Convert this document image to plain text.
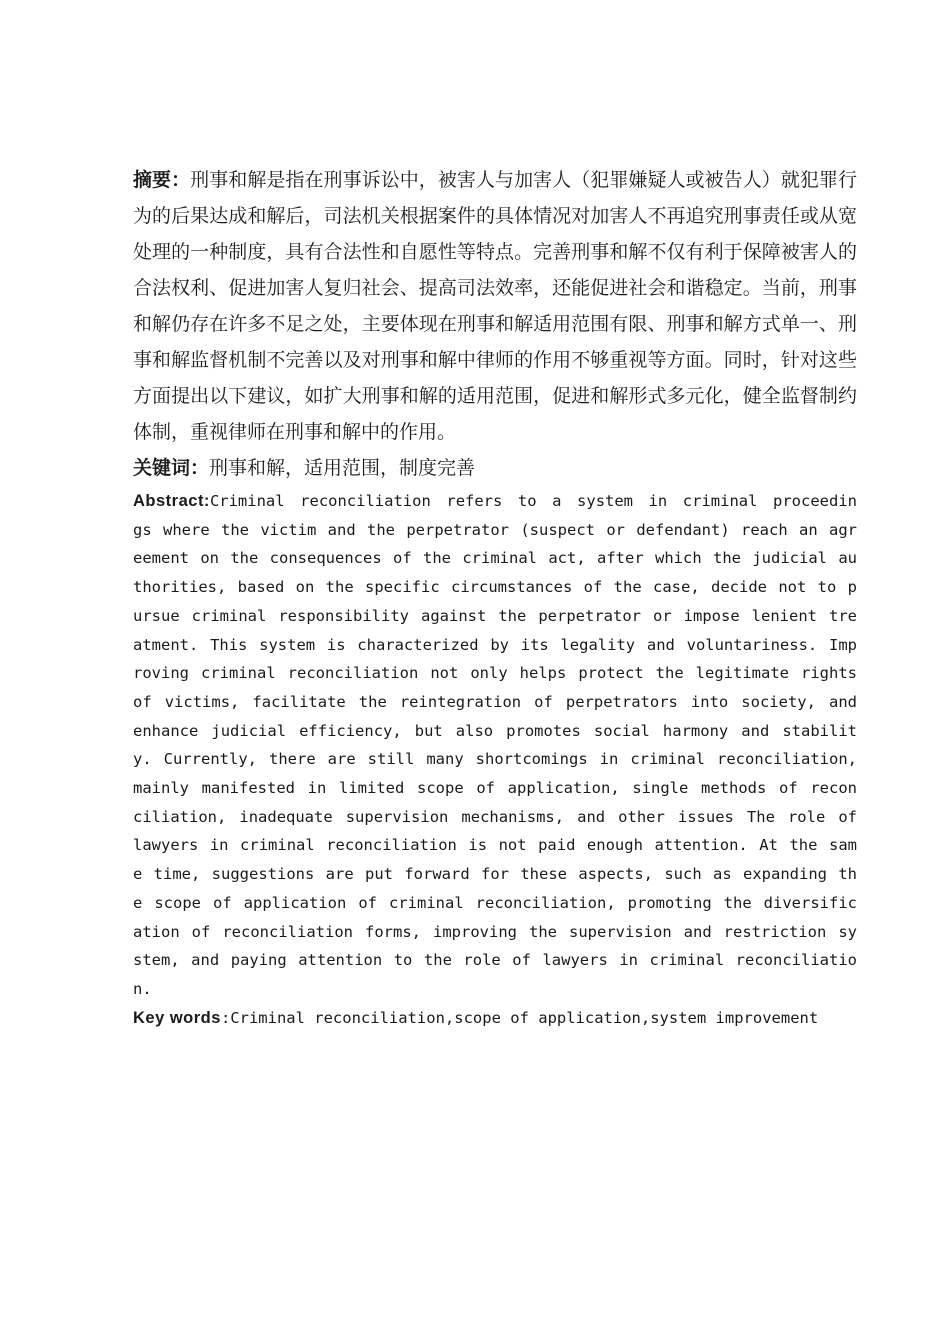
摘要：刑事和解是指在刑事诉讼中，被害人与加害人（犯罪嫌疑人或被告人）就犯罪行

为的后果达成和解后，司法机关根据案件的具体情况对加害人不再追究刑事责任或从宽

处理的一种制度，具有合法性和自愿性等特点。完善刑事和解不仅有利于保障被害人的

合法权利、促进加害人复归社会、提高司法效率，还能促进社会和谐稳定。当前，刑事

和解仍存在许多不足之处，主要体现在刑事和解适用范围有限、刑事和解方式单一、刑

事和解监督机制不完善以及对刑事和解中律师的作用不够重视等方面。同时，针对这些

方面提出以下建议，如扩大刑事和解的适用范围，促进和解形式多元化，健全监督制约

体制，重视律师在刑事和解中的作用。

关键词：刑事和解，适用范围，制度完善

Abstract:Criminal reconciliation refers to a system in criminal proceedin

gs where the victim and the perpetrator (suspect or defendant) reach an agr

eement on the consequences of the criminal act, after which the judicial au

thorities, based on the specific circumstances of the case, decide not to p

ursue criminal responsibility against the perpetrator or impose lenient tre

atment. This system is characterized by its legality and voluntariness. Imp

roving criminal reconciliation not only helps protect the legitimate rights

of victims, facilitate the reintegration of perpetrators into society, and

enhance judicial efficiency, but also promotes social harmony and stabilit

y. Currently, there are still many shortcomings in criminal reconciliation,

mainly manifested in limited scope of application, single methods of recon

ciliation, inadequate supervision mechanisms, and other issues The role of

lawyers in criminal reconciliation is not paid enough attention. At the sam

e time, suggestions are put forward for these aspects, such as expanding th

e scope of application of criminal reconciliation, promoting the diversific

ation of reconciliation forms, improving the supervision and restriction sy

stem, and paying attention to the role of lawyers in criminal reconciliatio

n.

Key words:Criminal reconciliation,scope of application,system improvement
